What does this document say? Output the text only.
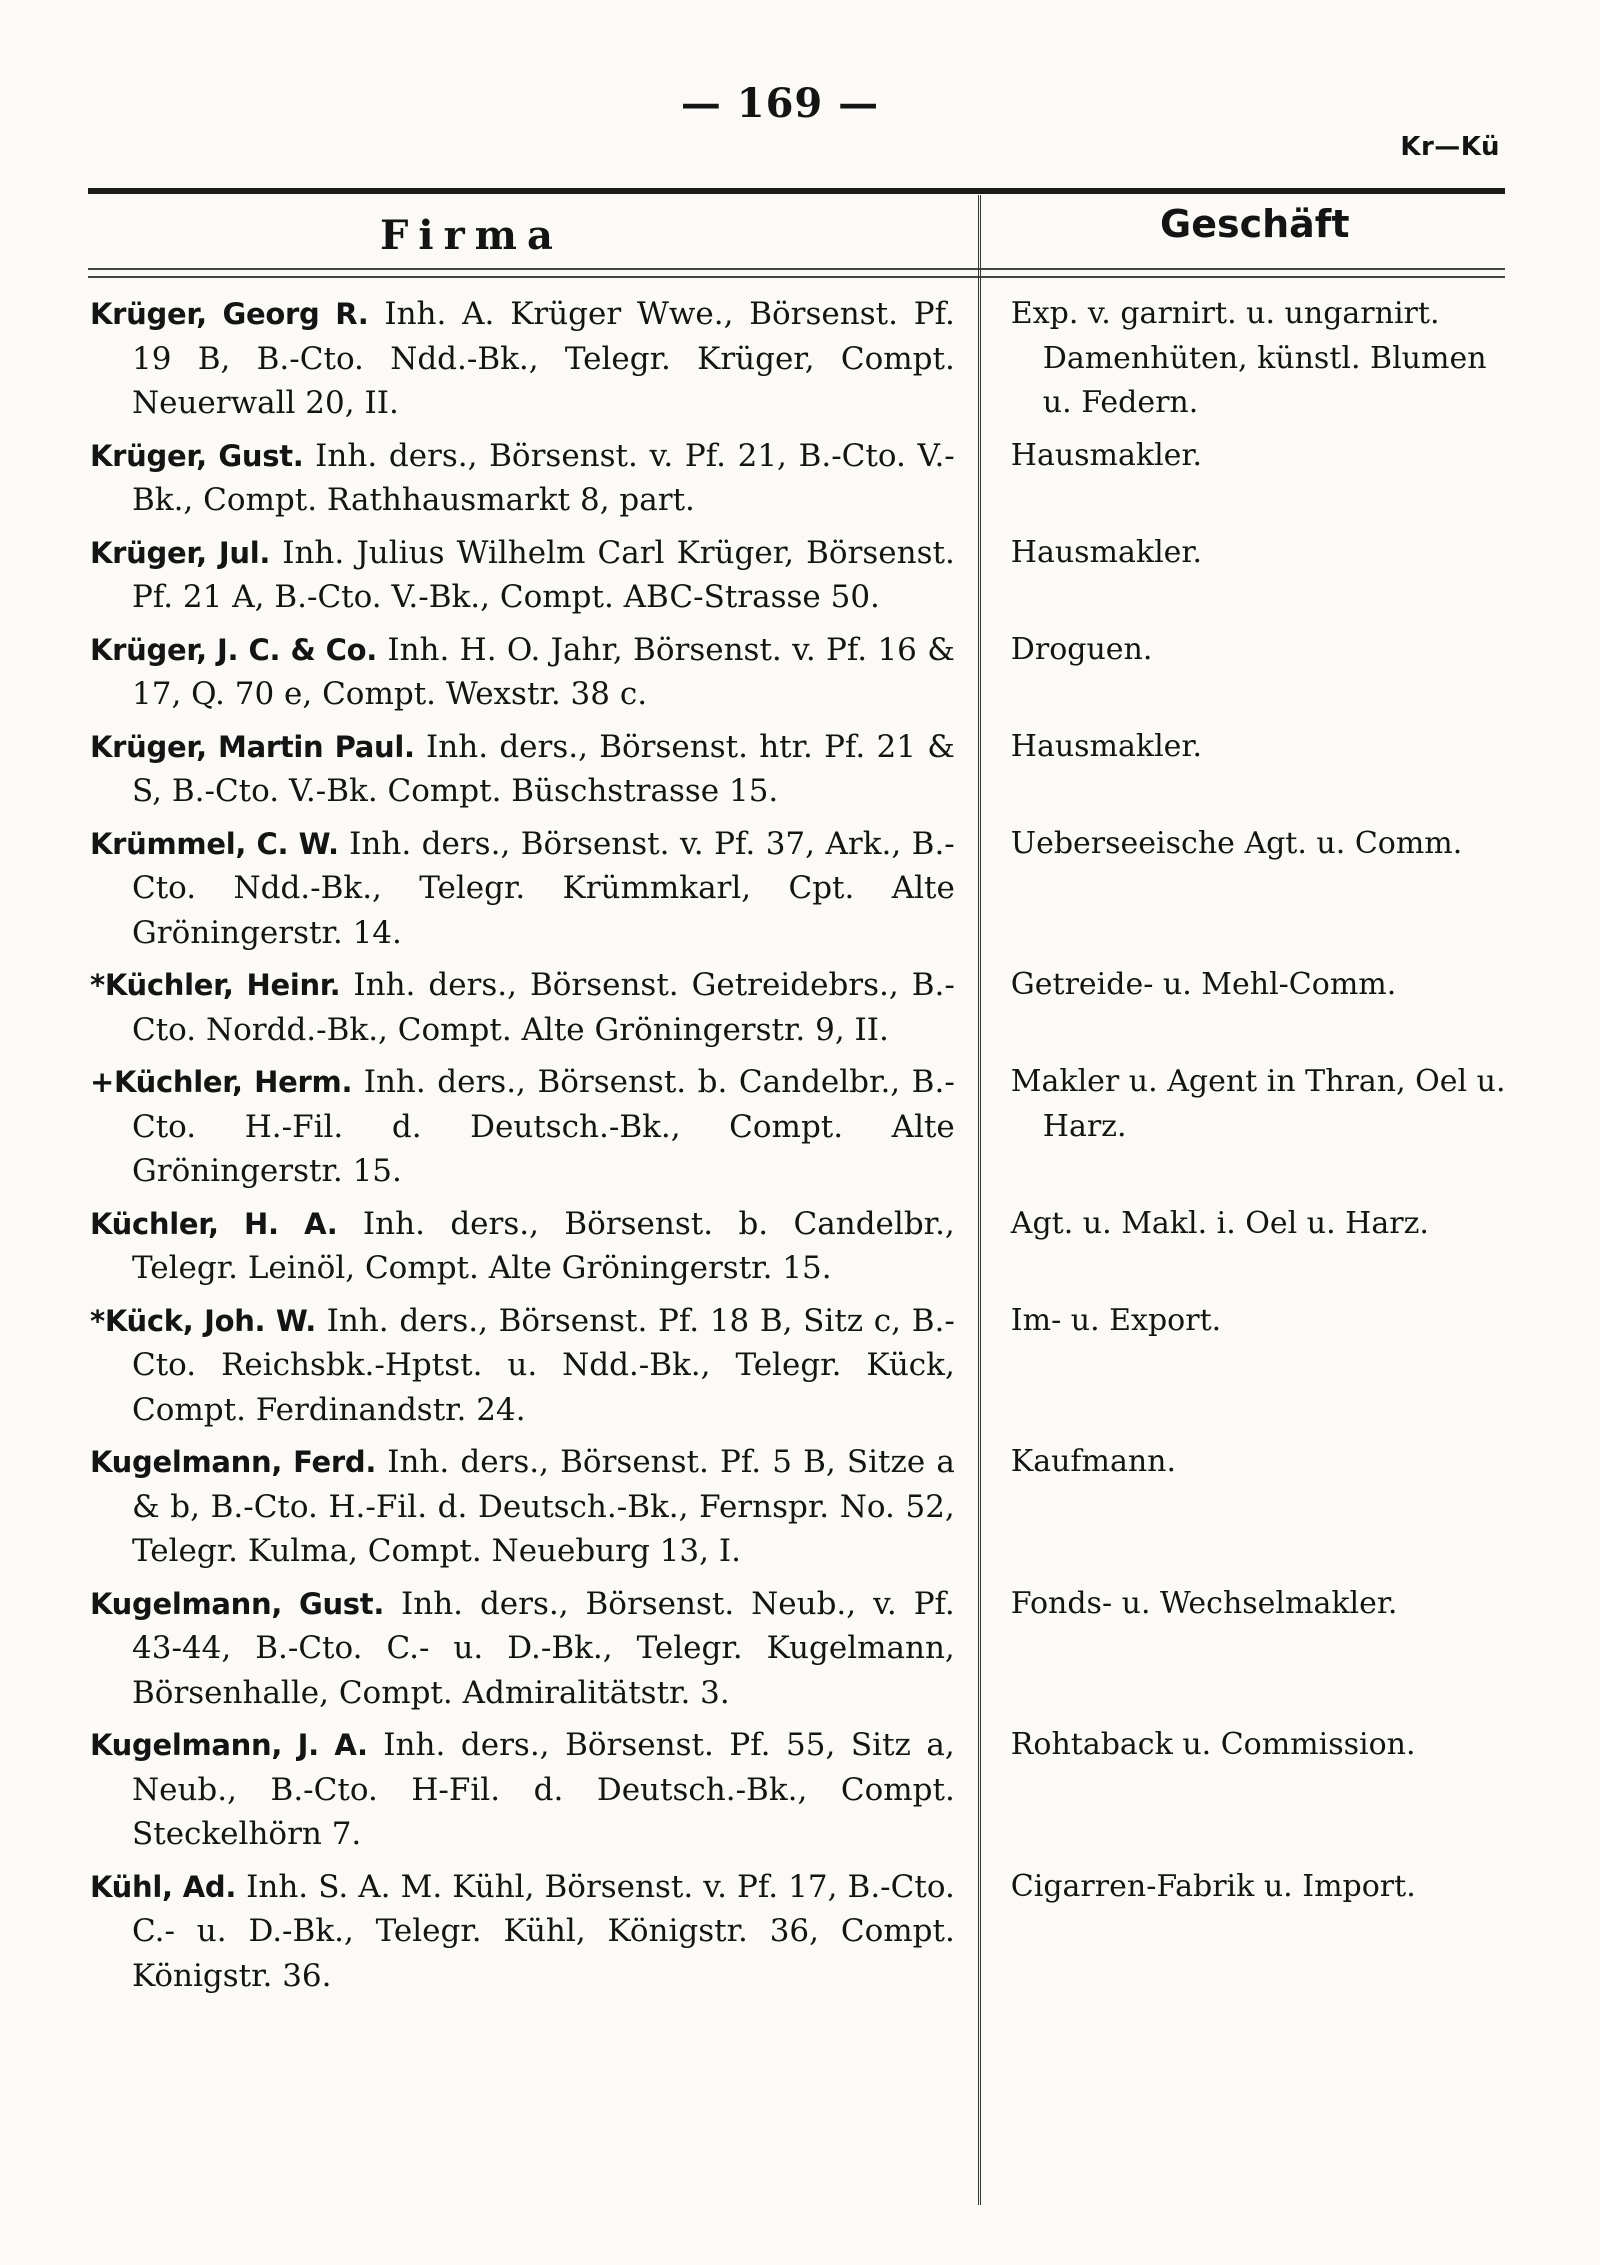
— 169 —
Kr—Kü
Firma	Geschäft
Krüger, Georg R. Inh. A. Krüger Wwe., Börsenst. Pf. 19 B, B.-Cto. Ndd.-Bk., Telegr. Krüger, Compt. Neuerwall 20, II.
Exp. v. garnirt. u. ungarnirt. Damenhüten, künstl. Blumen u. Federn.
Krüger, Gust. Inh. ders., Börsenst. v. Pf. 21, B.-Cto. V.-Bk., Compt. Rathhausmarkt 8, part.
Hausmakler.
Krüger, Jul. Inh. Julius Wilhelm Carl Krüger, Börsenst. Pf. 21 A, B.-Cto. V.-Bk., Compt. ABC-Strasse 50.
Hausmakler.
Krüger, J. C. & Co. Inh. H. O. Jahr, Börsenst. v. Pf. 16 & 17, Q. 70 e, Compt. Wexstr. 38 c.
Droguen.
Krüger, Martin Paul. Inh. ders., Börsenst. htr. Pf. 21 & S, B.-Cto. V.-Bk. Compt. Büschstrasse 15.
Hausmakler.
Krümmel, C. W. Inh. ders., Börsenst. v. Pf. 37, Ark., B.-Cto. Ndd.-Bk., Telegr. Krümmkarl, Cpt. Alte Gröningerstr. 14.
Ueberseeische Agt. u. Comm.
*Küchler, Heinr. Inh. ders., Börsenst. Getreidebrs., B.-Cto. Nordd.-Bk., Compt. Alte Gröningerstr. 9, II.
Getreide- u. Mehl-Comm.
+Küchler, Herm. Inh. ders., Börsenst. b. Candelbr., B.-Cto. H.-Fil. d. Deutsch.-Bk., Compt. Alte Gröningerstr. 15.
Makler u. Agent in Thran, Oel u. Harz.
Küchler, H. A. Inh. ders., Börsenst. b. Candelbr., Telegr. Leinöl, Compt. Alte Gröningerstr. 15.
Agt. u. Makl. i. Oel u. Harz.
*Kück, Joh. W. Inh. ders., Börsenst. Pf. 18 B, Sitz c, B.-Cto. Reichsbk.-Hptst. u. Ndd.-Bk., Telegr. Kück, Compt. Ferdinandstr. 24.
Im- u. Export.
Kugelmann, Ferd. Inh. ders., Börsenst. Pf. 5 B, Sitze a & b, B.-Cto. H.-Fil. d. Deutsch.-Bk., Fernspr. No. 52, Telegr. Kulma, Compt. Neueburg 13, I.
Kaufmann.
Kugelmann, Gust. Inh. ders., Börsenst. Neub., v. Pf. 43-44, B.-Cto. C.- u. D.-Bk., Telegr. Kugelmann, Börsenhalle, Compt. Admiralitätstr. 3.
Fonds- u. Wechselmakler.
Kugelmann, J. A. Inh. ders., Börsenst. Pf. 55, Sitz a, Neub., B.-Cto. H-Fil. d. Deutsch.-Bk., Compt. Steckelhörn 7.
Rohtaback u. Commission.
Kühl, Ad. Inh. S. A. M. Kühl, Börsenst. v. Pf. 17, B.-Cto. C.- u. D.-Bk., Telegr. Kühl, Königstr. 36, Compt. Königstr. 36.
Cigarren-Fabrik u. Import.
